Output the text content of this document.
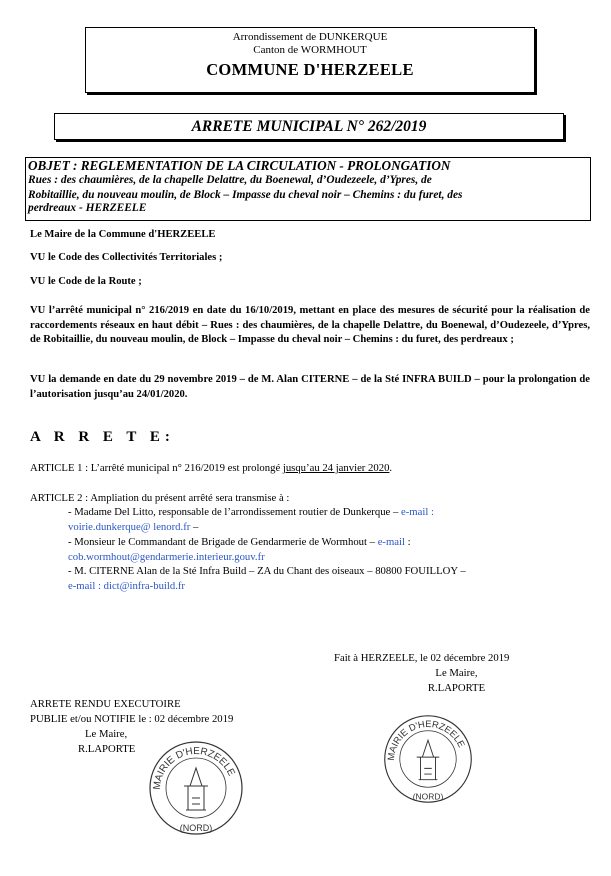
Arrondissement de DUNKERQUE
Canton de WORMHOUT
COMMUNE D'HERZEELE
ARRETE MUNICIPAL N° 262/2019
OBJET : REGLEMENTATION DE LA CIRCULATION - PROLONGATION
Rues : des chaumières, de la chapelle Delattre, du Boenewal, d’Oudezeele, d’Ypres, de
Robitaillie, du nouveau moulin, de Block – Impasse du cheval noir – Chemins : du furet, des
perdreaux - HERZEELE
Le Maire de la Commune d'HERZEELE
VU le Code des Collectivités Territoriales ;
VU le Code de la Route ;
VU l’arrêté municipal n° 216/2019 en date du 16/10/2019, mettant en place des mesures de sécurité pour la réalisation de raccordements réseaux en haut débit – Rues : des chaumières, de la chapelle Delattre, du Boenewal, d’Oudezeele, d’Ypres, de Robitaillie, du nouveau moulin, de Block – Impasse du cheval noir – Chemins : du furet, des perdreaux ;
VU la demande en date du 29 novembre 2019 – de M. Alan CITERNE – de la Sté INFRA BUILD – pour la prolongation de l’autorisation jusqu’au 24/01/2020.
A R R E T E:
ARTICLE 1 : L’arrêté municipal n° 216/2019 est prolongé jusqu’au 24 janvier 2020.
ARTICLE 2 : Ampliation du présent arrêté sera transmise à :
- Madame Del Litto, responsable de l’arrondissement routier de Dunkerque – e-mail :
voirie.dunkerque@ lenord.fr –
- Monsieur le Commandant de Brigade de Gendarmerie de Wormhout – e-mail :
cob.wormhout@gendarmerie.interieur.gouv.fr
- M. CITERNE Alan de la Sté Infra Build – ZA du Chant des oiseaux – 80800 FOUILLOY –
e-mail : dict@infra-build.fr
Fait à HERZEELE, le 02 décembre 2019
Le Maire,
R.LAPORTE
ARRETE RENDU EXECUTOIRE
PUBLIE et/ou NOTIFIE le : 02 décembre 2019
Le Maire,
R.LAPORTE
MAIRIE D'HERZEELE
(NORD)
MAIRIE D'HERZEELE
(NORD)
